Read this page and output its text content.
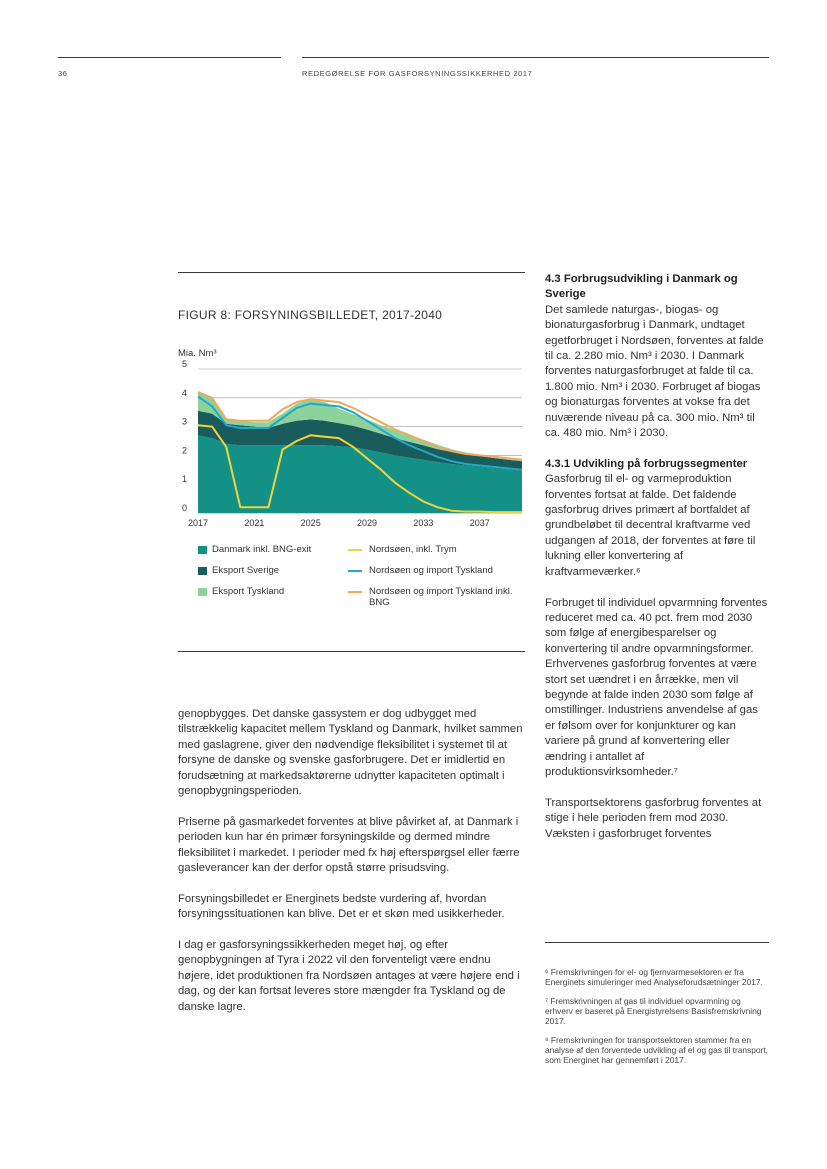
36	REDEGØRELSE FOR GASFORSYNINGSSIKKERHED 2017
FIGUR 8: FORSYNINGSBILLEDET, 2017-2040
Mia. Nm³
0
1
2
3
4
5
2017	2021	2025	2029	2033	2037
Danmark inkl. BNG-exit	Nordsøen, inkl. Trym
Eksport Sverige	Nordsøen og import Tyskland
Eksport Tyskland	Nordsøen og import Tyskland inkl. BNG

genopbygges. Det danske gassystem er dog udbygget med tilstrækkelig kapacitet mellem Tyskland og Danmark, hvilket sammen med gaslagrene, giver den nødvendige fleksibilitet i systemet til at forsyne de danske og svenske gasforbrugere. Det er imidlertid en forudsætning at markedsaktørerne udnytter kapaciteten optimalt i genopbygningsperioden.

Priserne på gasmarkedet forventes at blive påvirket af, at Danmark i perioden kun har én primær forsyningskilde og dermed mindre fleksibilitet i markedet. I perioder med fx høj efterspørgsel eller færre gasleverancer kan der derfor opstå større prisudsving.

Forsyningsbilledet er Energinets bedste vurdering af, hvordan forsyningssituationen kan blive. Det er et skøn med usikkerheder.

I dag er gasforsyningssikkerheden meget høj, og efter genopbygningen af Tyra i 2022 vil den forventeligt være endnu højere, idet produktionen fra Nordsøen antages at være højere end i dag, og der kan fortsat leveres store mængder fra Tyskland og de danske lagre.

4.3 Forbrugsudvikling i Danmark og Sverige

Det samlede naturgas-, biogas- og bionaturgasforbrug i Danmark, undtaget egetforbruget i Nordsøen, forventes at falde til ca. 2.280 mio. Nm³ i 2030. I Danmark forventes naturgasforbruget at falde til ca. 1.800 mio. Nm³ i 2030. Forbruget af biogas og bionaturgas forventes at vokse fra det nuværende niveau på ca. 300 mio. Nm³ til ca. 480 mio. Nm³ i 2030.

4.3.1 Udvikling på forbrugssegmenter

Gasforbrug til el- og varmeproduktion forventes fortsat at falde. Det faldende gasforbrug drives primært af bortfaldet af grundbeløbet til decentral kraftvarme ved udgangen af 2018, der forventes at føre til lukning eller konvertering af kraftvarmeværker.⁶

Forbruget til individuel opvarmning forventes reduceret med ca. 40 pct. frem mod 2030 som følge af energibesparelser og konvertering til andre opvarmningsformer. Erhvervenes gasforbrug forventes at være stort set uændret i en årrække, men vil begynde at falde inden 2030 som følge af omstillinger. Industriens anvendelse af gas er følsom over for konjunkturer og kan variere på grund af konvertering eller ændring i antallet af produktionsvirksomheder.⁷

Transportsektorens gasforbrug forventes at stige i hele perioden frem mod 2030. Væksten i gasforbruget forventes

⁶ Fremskrivningen for el- og fjernvarmesektoren er fra Energinets simuleringer med Analyseforudsætninger 2017.
⁷ Fremskrivningen af gas til individuel opvarmning og erhverv er baseret på Energistyrelsens Basisfremskrivning 2017.
⁸ Fremskrivningen for transportsektoren stammer fra en analyse af den forventede udvikling af el og gas til transport, som Energinet har gennemført i 2017.
